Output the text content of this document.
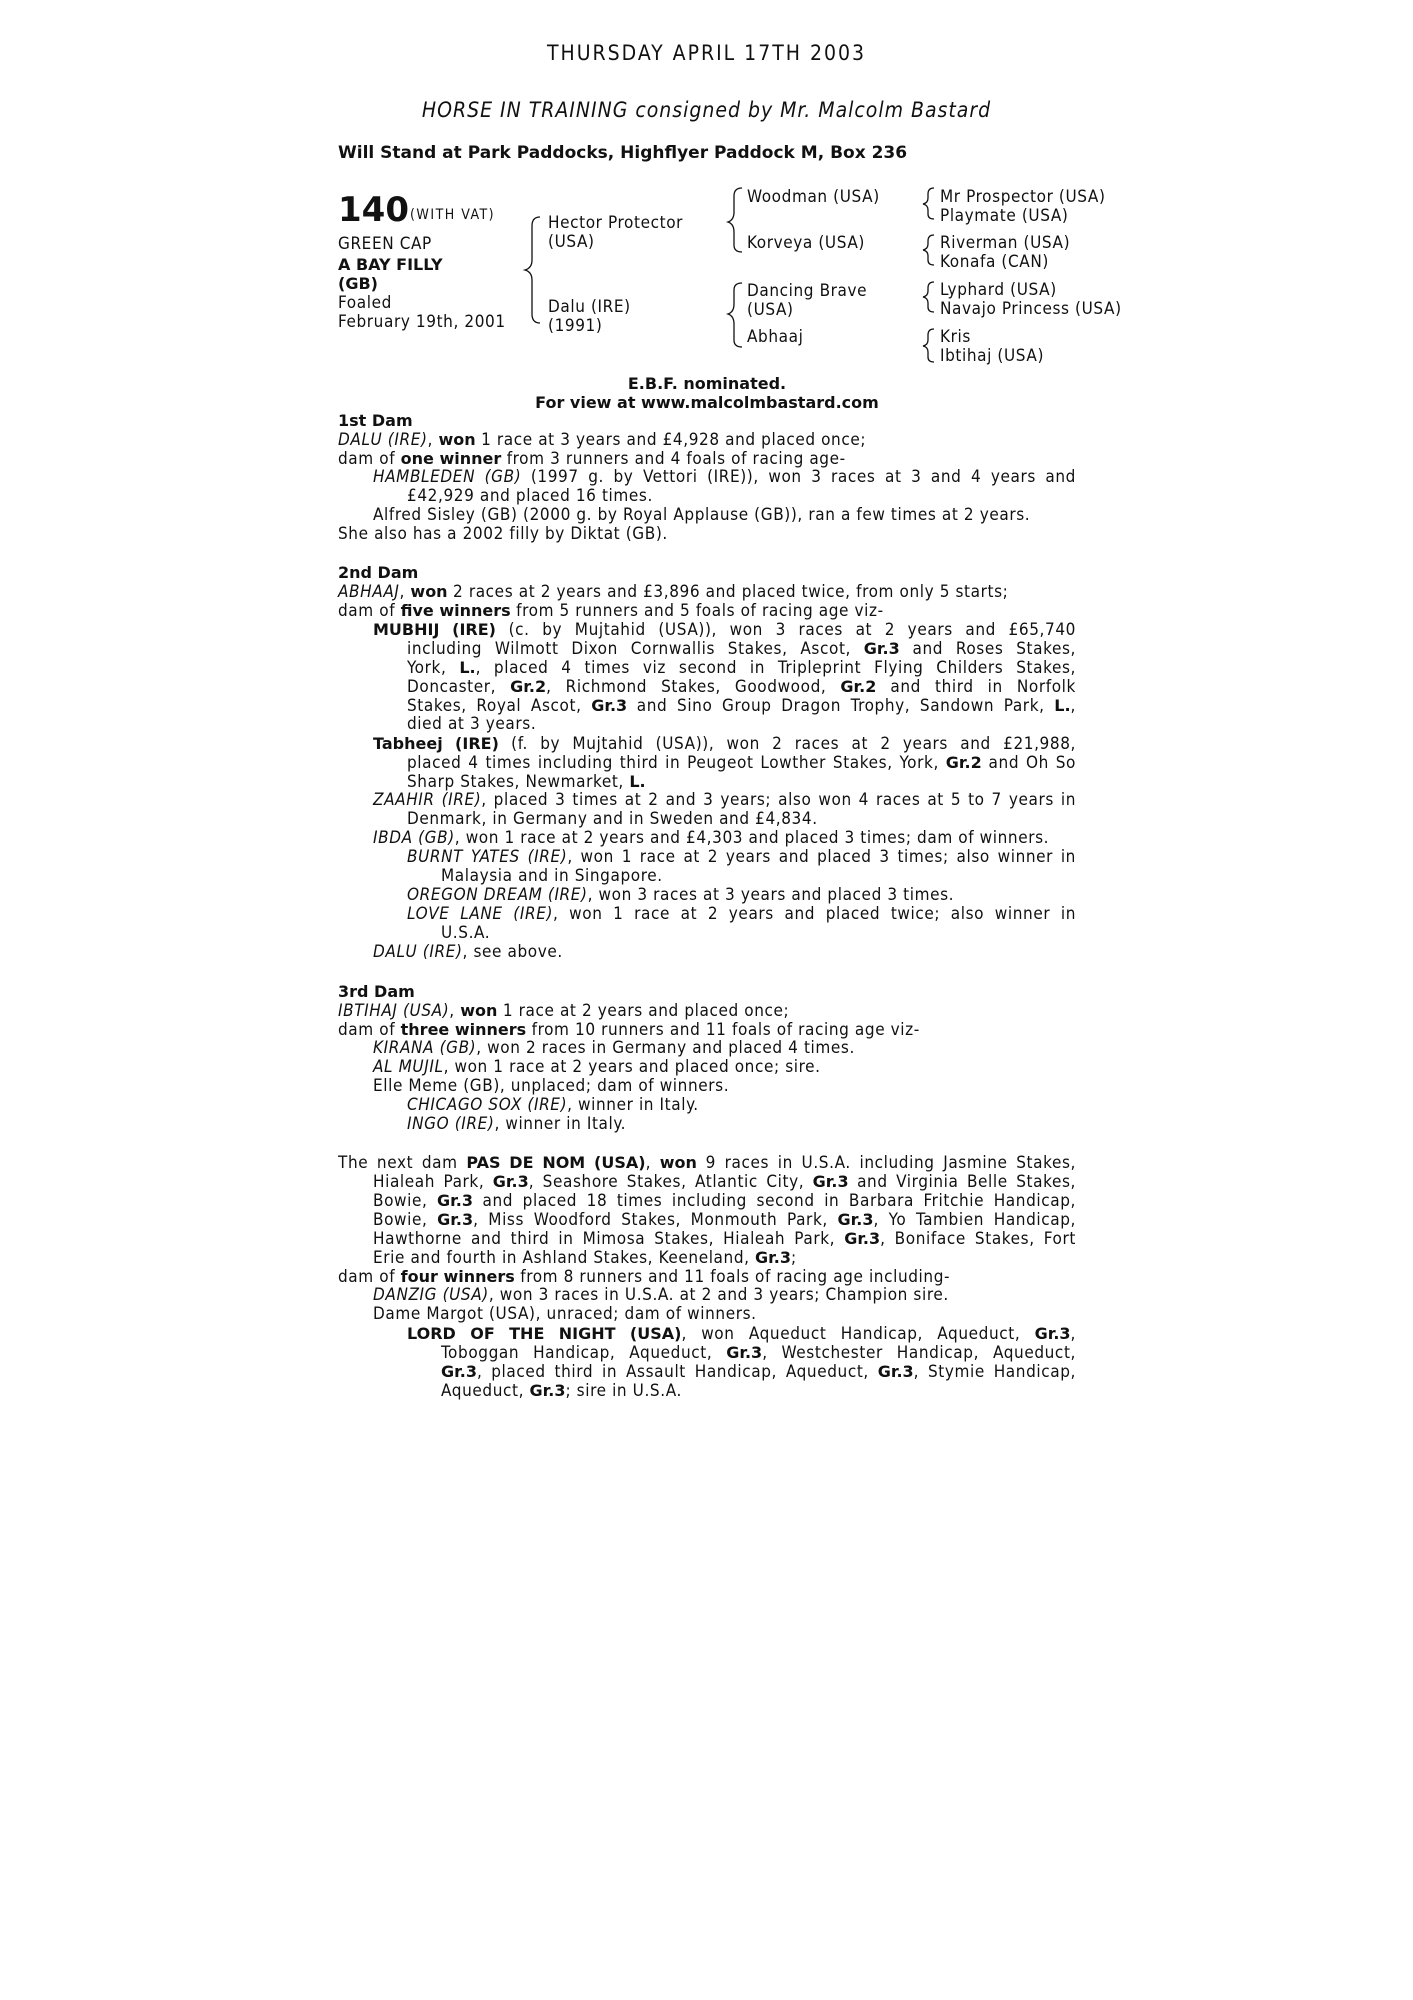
THURSDAY APRIL 17TH 2003
HORSE IN TRAINING consigned by Mr. Malcolm Bastard
Will Stand at Park Paddocks, Highflyer Paddock M, Box 236
140 (WITH VAT)
GREEN CAP
A BAY FILLY
(GB)
Foaled
February 19th, 2001
Hector Protector
(USA)
Dalu (IRE)
(1991)
Woodman (USA)
Korveya (USA)
Dancing Brave
(USA)
Abhaaj
Mr Prospector (USA)
Playmate (USA)
Riverman (USA)
Konafa (CAN)
Lyphard (USA)
Navajo Princess (USA)
Kris
Ibtihaj (USA)
E.B.F. nominated.
For view at www.malcolmbastard.com
1st Dam
DALU (IRE), won 1 race at 3 years and £4,928 and placed once;
dam of one winner from 3 runners and 4 foals of racing age-
HAMBLEDEN (GB) (1997 g. by Vettori (IRE)), won 3 races at 3 and 4 years and
£42,929 and placed 16 times.
Alfred Sisley (GB) (2000 g. by Royal Applause (GB)), ran a few times at 2 years.
She also has a 2002 filly by Diktat (GB).
2nd Dam
ABHAAJ, won 2 races at 2 years and £3,896 and placed twice, from only 5 starts;
dam of five winners from 5 runners and 5 foals of racing age viz-
MUBHIJ (IRE) (c. by Mujtahid (USA)), won 3 races at 2 years and £65,740
including Wilmott Dixon Cornwallis Stakes, Ascot, Gr.3 and Roses Stakes,
York, L., placed 4 times viz second in Tripleprint Flying Childers Stakes,
Doncaster, Gr.2, Richmond Stakes, Goodwood, Gr.2 and third in Norfolk
Stakes, Royal Ascot, Gr.3 and Sino Group Dragon Trophy, Sandown Park, L.,
died at 3 years.
Tabheej (IRE) (f. by Mujtahid (USA)), won 2 races at 2 years and £21,988,
placed 4 times including third in Peugeot Lowther Stakes, York, Gr.2 and Oh So
Sharp Stakes, Newmarket, L.
ZAAHIR (IRE), placed 3 times at 2 and 3 years; also won 4 races at 5 to 7 years in
Denmark, in Germany and in Sweden and £4,834.
IBDA (GB), won 1 race at 2 years and £4,303 and placed 3 times; dam of winners.
BURNT YATES (IRE), won 1 race at 2 years and placed 3 times; also winner in
Malaysia and in Singapore.
OREGON DREAM (IRE), won 3 races at 3 years and placed 3 times.
LOVE LANE (IRE), won 1 race at 2 years and placed twice; also winner in
U.S.A.
DALU (IRE), see above.
3rd Dam
IBTIHAJ (USA), won 1 race at 2 years and placed once;
dam of three winners from 10 runners and 11 foals of racing age viz-
KIRANA (GB), won 2 races in Germany and placed 4 times.
AL MUJIL, won 1 race at 2 years and placed once; sire.
Elle Meme (GB), unplaced; dam of winners.
CHICAGO SOX (IRE), winner in Italy.
INGO (IRE), winner in Italy.
The next dam PAS DE NOM (USA), won 9 races in U.S.A. including Jasmine Stakes,
Hialeah Park, Gr.3, Seashore Stakes, Atlantic City, Gr.3 and Virginia Belle Stakes,
Bowie, Gr.3 and placed 18 times including second in Barbara Fritchie Handicap,
Bowie, Gr.3, Miss Woodford Stakes, Monmouth Park, Gr.3, Yo Tambien Handicap,
Hawthorne and third in Mimosa Stakes, Hialeah Park, Gr.3, Boniface Stakes, Fort
Erie and fourth in Ashland Stakes, Keeneland, Gr.3;
dam of four winners from 8 runners and 11 foals of racing age including-
DANZIG (USA), won 3 races in U.S.A. at 2 and 3 years; Champion sire.
Dame Margot (USA), unraced; dam of winners.
LORD OF THE NIGHT (USA), won Aqueduct Handicap, Aqueduct, Gr.3,
Toboggan Handicap, Aqueduct, Gr.3, Westchester Handicap, Aqueduct,
Gr.3, placed third in Assault Handicap, Aqueduct, Gr.3, Stymie Handicap,
Aqueduct, Gr.3; sire in U.S.A.
